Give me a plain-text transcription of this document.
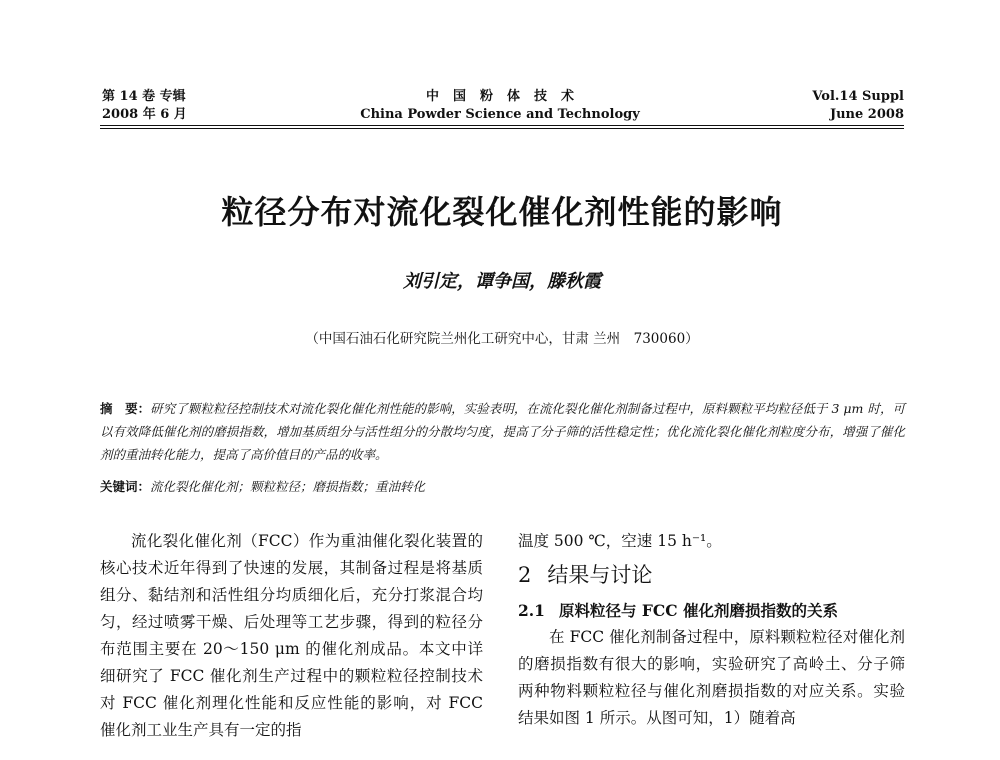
第 14 卷 专辑
2008 年 6 月
中国粉体技术
China Powder Science and Technology
Vol.14 Suppl
June 2008
粒径分布对流化裂化催化剂性能的影响
刘引定，谭争国，滕秋霞
（中国石油石化研究院兰州化工研究中心，甘肃 兰州　730060）
摘　要：研究了颗粒粒径控制技术对流化裂化催化剂性能的影响，实验表明，在流化裂化催化剂制备过程中，原料颗粒平均粒径低于 3 μm 时，可以有效降低催化剂的磨损指数，增加基质组分与活性组分的分散均匀度，提高了分子筛的活性稳定性；优化流化裂化催化剂粒度分布，增强了催化剂的重油转化能力，提高了高价值目的产品的收率。
关键词：流化裂化催化剂；颗粒粒径；磨损指数；重油转化

流化裂化催化剂（FCC）作为重油催化裂化装置的核心技术近年得到了快速的发展，其制备过程是将基质组分、黏结剂和活性组分均质细化后，充分打浆混合均匀，经过喷雾干燥、后处理等工艺步骤，得到的粒径分布范围主要在 20～150 μm 的催化剂成品。本文中详细研究了 FCC 催化剂生产过程中的颗粒粒径控制技术对 FCC 催化剂理化性能和反应性能的影响，对 FCC 催化剂工业生产具有一定的指

温度 500 ℃，空速 15 h⁻¹。

2 结果与讨论
2.1 原料粒径与 FCC 催化剂磨损指数的关系

在 FCC 催化剂制备过程中，原料颗粒粒径对催化剂的磨损指数有很大的影响，实验研究了高岭土、分子筛两种物料颗粒粒径与催化剂磨损指数的对应关系。实验结果如图 1 所示。从图可知，1）随着高
